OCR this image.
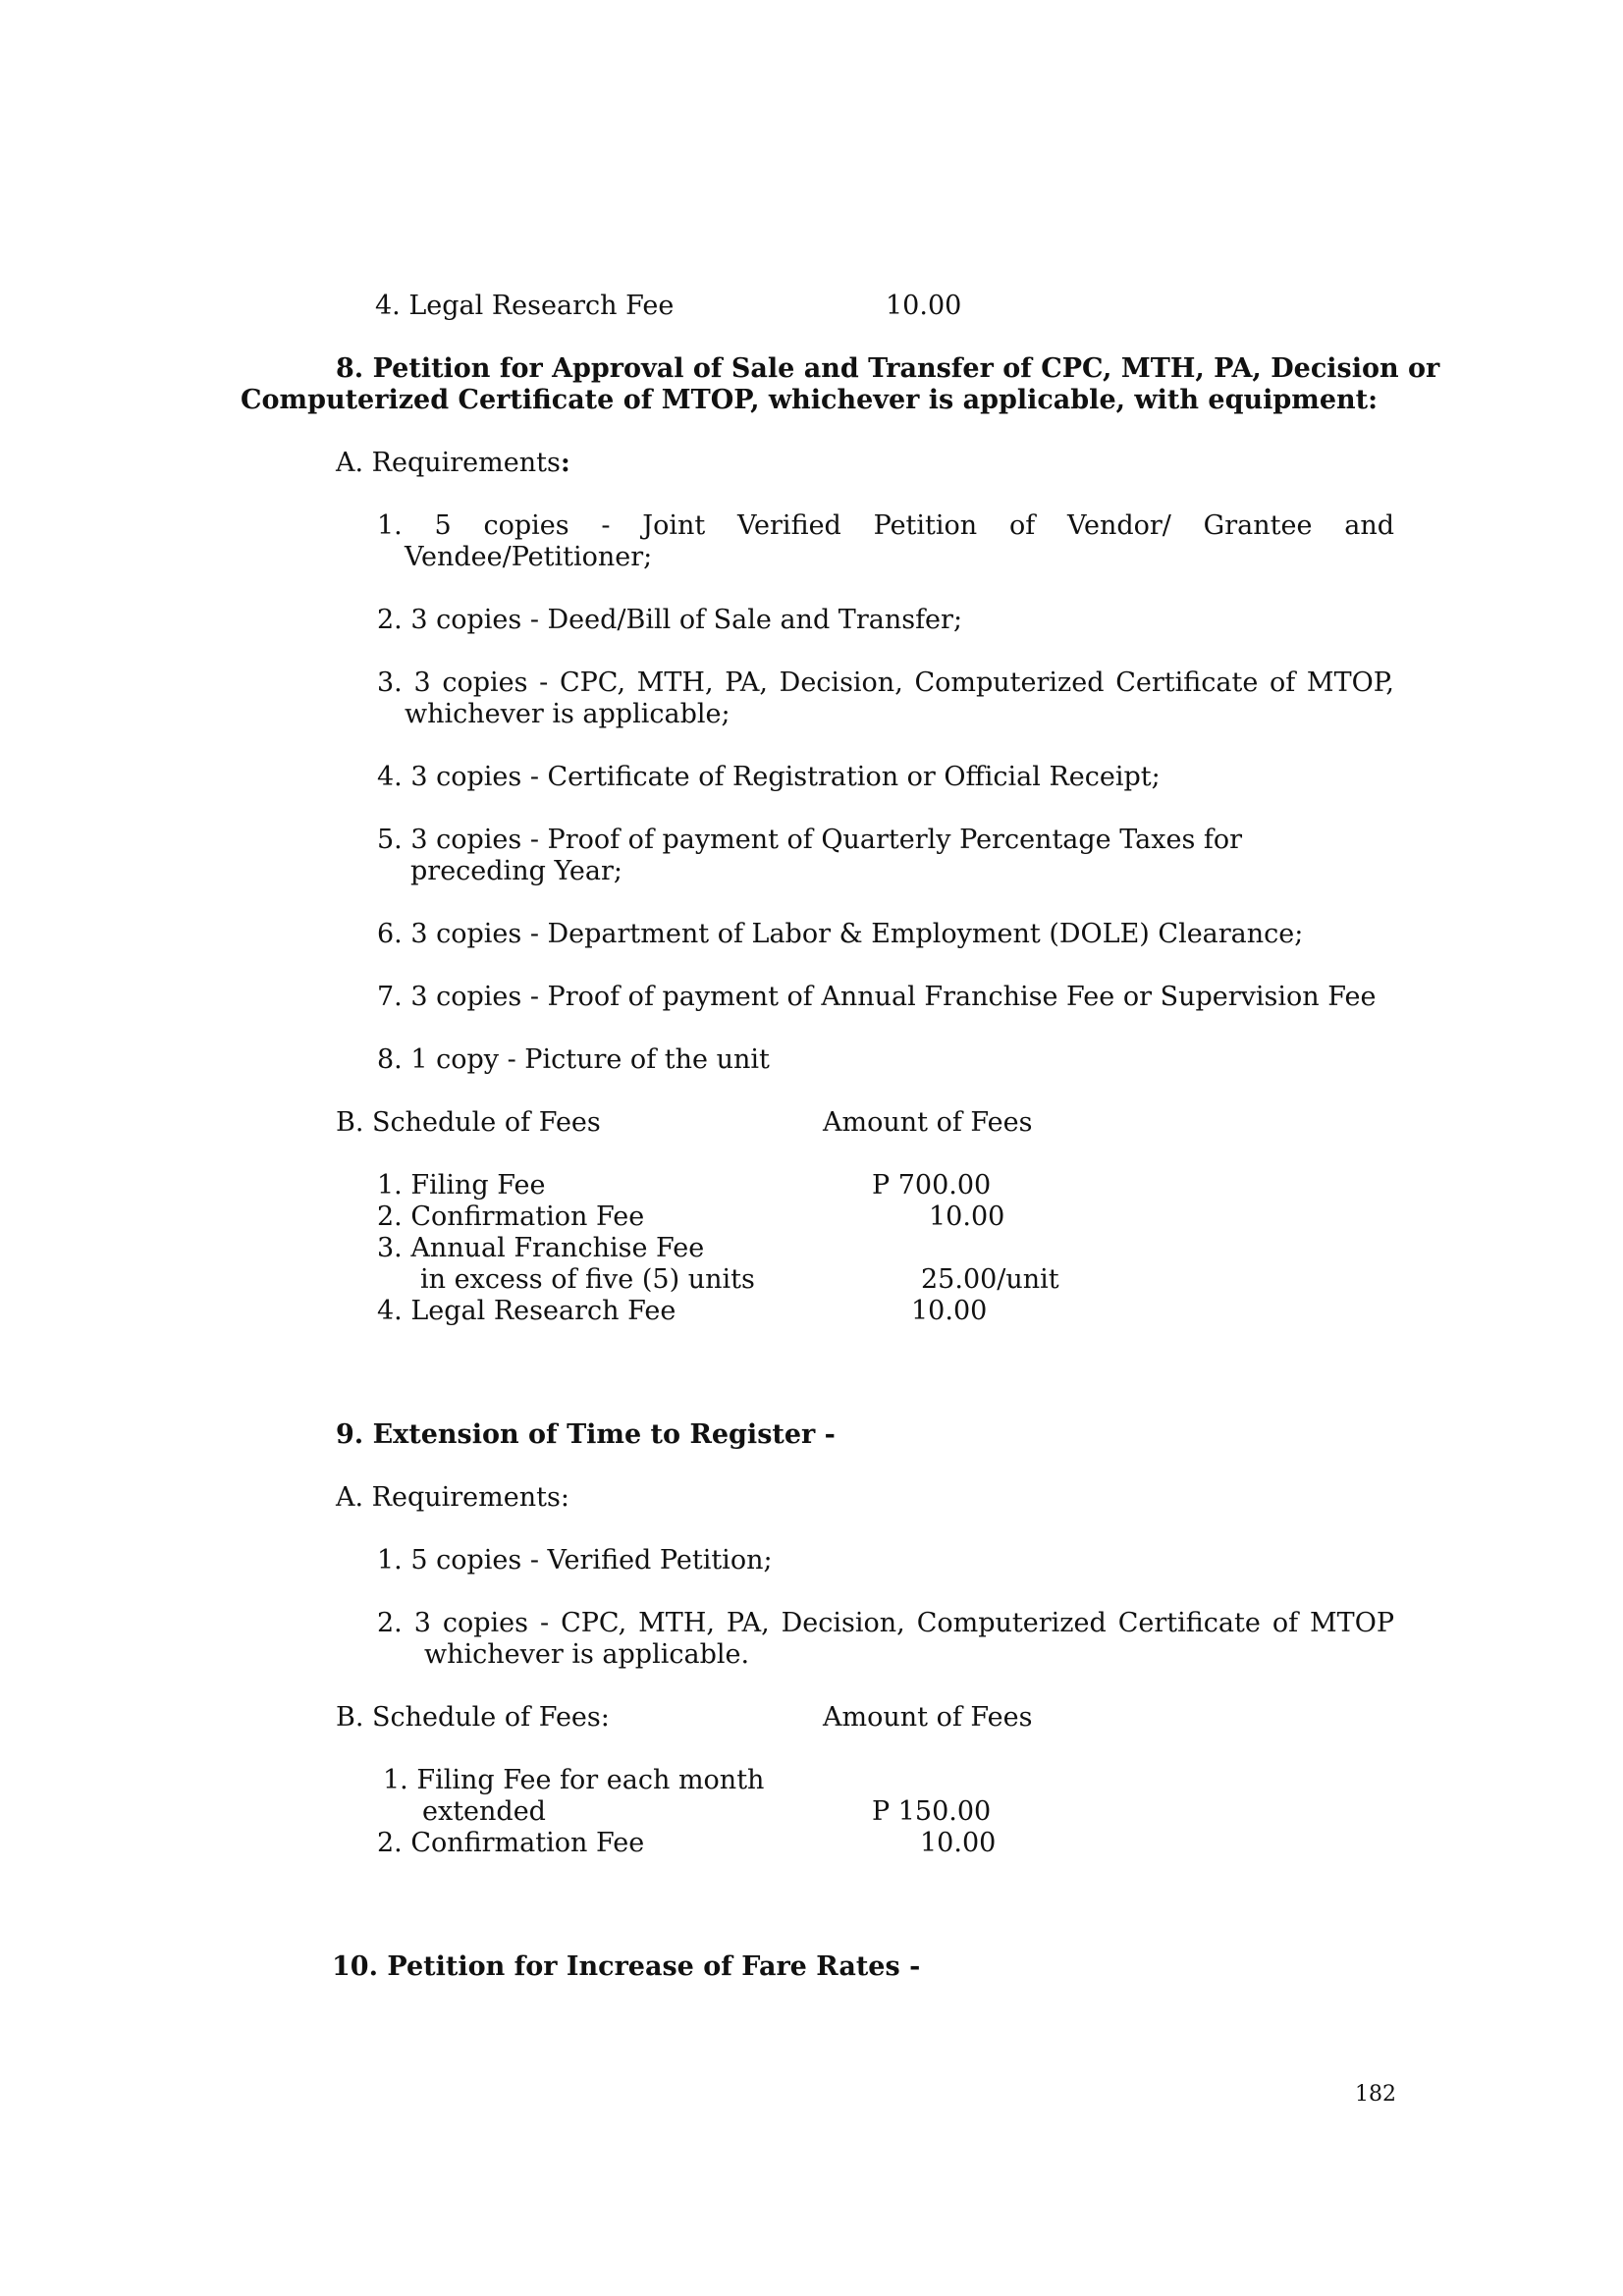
4. Legal Research Fee	10.00
8. Petition for Approval of Sale and Transfer of CPC, MTH, PA, Decision or
Computerized Certificate of MTOP, whichever is applicable, with equipment:
A. Requirements:
1. 5 copies - Joint Verified Petition of Vendor/ Grantee and
Vendee/Petitioner;
2. 3 copies - Deed/Bill of Sale and Transfer;
3. 3 copies - CPC, MTH, PA, Decision, Computerized Certificate of MTOP,
whichever is applicable;
4. 3 copies - Certificate of Registration or Official Receipt;
5. 3 copies - Proof of payment of Quarterly Percentage Taxes for
preceding Year;
6. 3 copies - Department of Labor & Employment (DOLE) Clearance;
7. 3 copies - Proof of payment of Annual Franchise Fee or Supervision Fee
8. 1 copy - Picture of the unit
B. Schedule of Fees	Amount of Fees
1. Filing Fee	P 700.00
2. Confirmation Fee	10.00
3. Annual Franchise Fee
in excess of five (5) units	25.00/unit
4. Legal Research Fee	10.00
9. Extension of Time to Register -
A. Requirements:
1. 5 copies - Verified Petition;
2. 3 copies - CPC, MTH, PA, Decision, Computerized Certificate of MTOP
whichever is applicable.
B. Schedule of Fees:	Amount of Fees
1. Filing Fee for each month
extended	P 150.00
2. Confirmation Fee	10.00
10. Petition for Increase of Fare Rates -
182
